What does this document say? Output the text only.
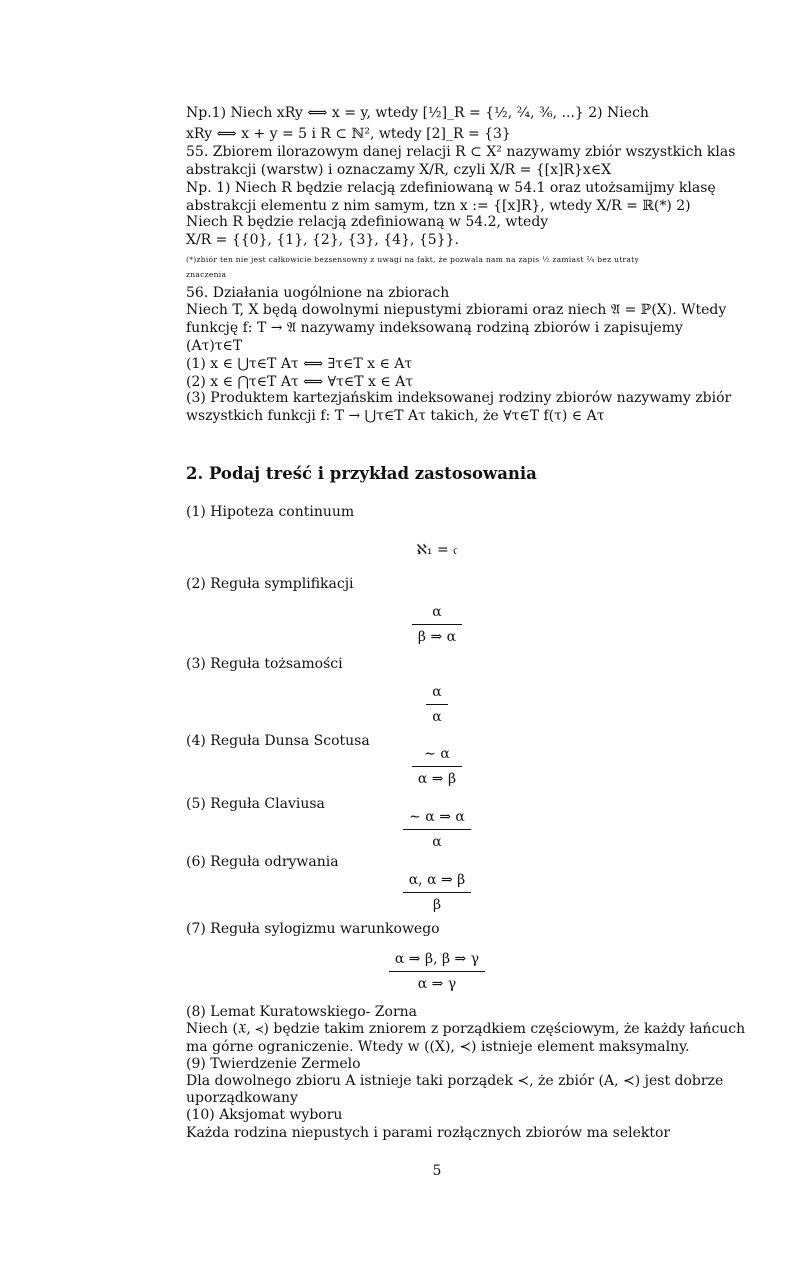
Np.1) Niech xRy ⟺ x = y, wtedy [½]_R = {½, ²⁄₄, ³⁄₆, ...} 2) Niech
xRy ⟺ x + y = 5 i R ⊂ ℕ², wtedy [2]_R = {3}
55. Zbiorem ilorazowym danej relacji R ⊂ X² nazywamy zbiór wszystkich klas
abstrakcji (warstw) i oznaczamy X/R, czyli X/R = {[x]R}x∈X
Np. 1) Niech R będzie relacją zdefiniowaną w 54.1 oraz utożsamijmy klasę
abstrakcji elementu z nim samym, tzn x := {[x]R}, wtedy X/R = ℝ(*) 2)
Niech R będzie relacją zdefiniowaną w 54.2, wtedy
X/R = {{0}, {1}, {2}, {3}, {4}, {5}}.
(*)zbiór ten nie jest całkowicie bezsensowny z uwagi na fakt, że pozwala nam na zapis ½ zamiast ²⁄₄ bez utraty
znaczenia
56. Działania uogólnione na zbiorach
Niech T, X będą dowolnymi niepustymi zbiorami oraz niech 𝔄 = ℙ(X). Wtedy
funkcję f: T → 𝔄 nazywamy indeksowaną rodziną zbiorów i zapisujemy
(Aτ)τ∈T
(1) x ∈ ⋃τ∈T Aτ ⟺ ∃τ∈T x ∈ Aτ
(2) x ∈ ⋂τ∈T Aτ ⟺ ∀τ∈T x ∈ Aτ
(3) Produktem kartezjańskim indeksowanej rodziny zbiorów nazywamy zbiór
wszystkich funkcji f: T → ⋃τ∈T Aτ takich, że ∀τ∈T f(τ) ∈ Aτ
2. Podaj treść i przykład zastosowania
(1) Hipoteza continuum
ℵ₁ = 𝔠
(2) Reguła symplifikacji
$\frac{\alpha}{\beta \Rightarrow \alpha}$
(3) Reguła tożsamości
$\frac{\alpha}{\alpha}$
(4) Reguła Dunsa Scotusa
$\frac{\sim \alpha}{\alpha \Rightarrow \beta}$
(5) Reguła Claviusa
$\frac{\sim \alpha \Rightarrow \alpha}{\alpha}$
(6) Reguła odrywania
$\frac{\alpha, \alpha \Rightarrow \beta}{\beta}$
(7) Reguła sylogizmu warunkowego
$\frac{\alpha \Rightarrow \beta, \beta \Rightarrow \gamma}{\alpha \Rightarrow \gamma}$
(8) Lemat Kuratowskiego- Zorna
Niech (𝔛, ≺) będzie takim zniorem z porządkiem częściowym, że każdy łańcuch
ma górne ograniczenie. Wtedy w ((X), ≺) istnieje element maksymalny.
(9) Twierdzenie Zermelo
Dla dowolnego zbioru A istnieje taki porządek ≺, że zbiór (A, ≺) jest dobrze
uporządkowany
(10) Aksjomat wyboru
Każda rodzina niepustych i parami rozłącznych zbiorów ma selektor
5
